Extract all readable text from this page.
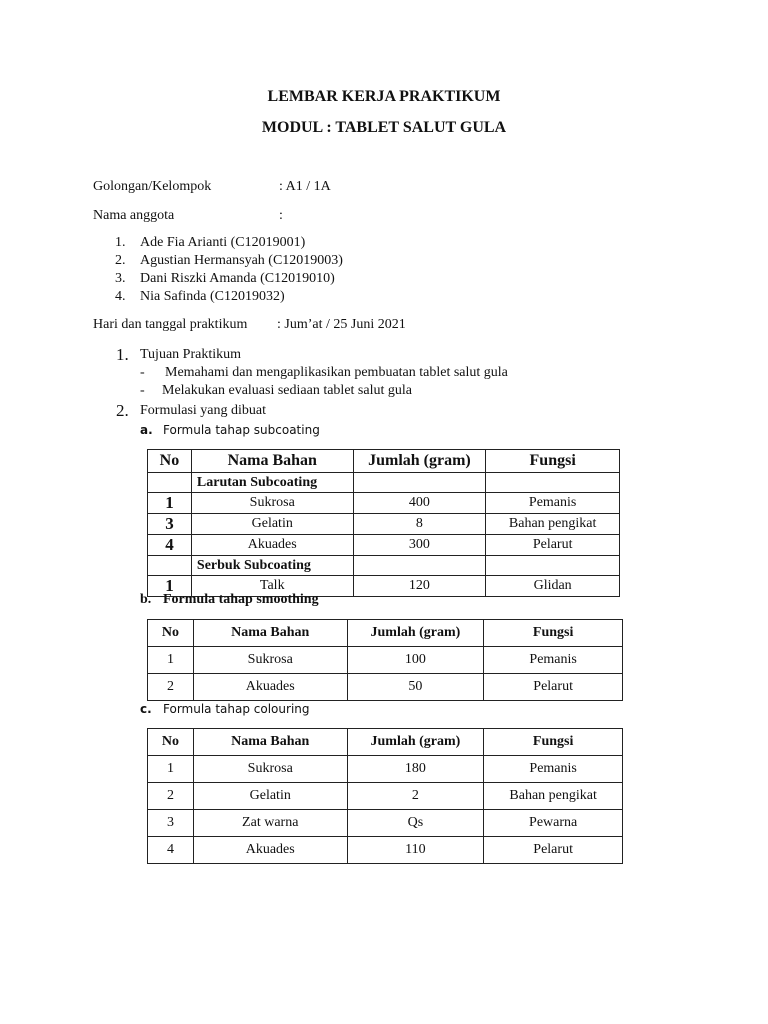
LEMBAR KERJA PRAKTIKUM
MODUL : TABLET SALUT GULA
Golongan/Kelompok	: A1 / 1A
Nama anggota	:
1. Ade Fia Arianti (C12019001)
2. Agustian Hermansyah (C12019003)
3. Dani Riszki Amanda (C12019010)
4. Nia Safinda (C12019032)
Hari dan tanggal praktikum : Jum’at / 25 Juni 2021
1. Tujuan Praktikum
- Memahami dan mengaplikasikan pembuatan tablet salut gula
- Melakukan evaluasi sediaan tablet salut gula
2. Formulasi yang dibuat
a. Formula tahap subcoating
No	Nama Bahan	Jumlah (gram)	Fungsi
	Larutan Subcoating		
1	Sukrosa	400	Pemanis
3	Gelatin	8	Bahan pengikat
4	Akuades	300	Pelarut
	Serbuk Subcoating		
1	Talk	120	Glidan
b. Formula tahap smoothing
No	Nama Bahan	Jumlah (gram)	Fungsi
1	Sukrosa	100	Pemanis
2	Akuades	50	Pelarut
c. Formula tahap colouring
No	Nama Bahan	Jumlah (gram)	Fungsi
1	Sukrosa	180	Pemanis
2	Gelatin	2	Bahan pengikat
3	Zat warna	Qs	Pewarna
4	Akuades	110	Pelarut
